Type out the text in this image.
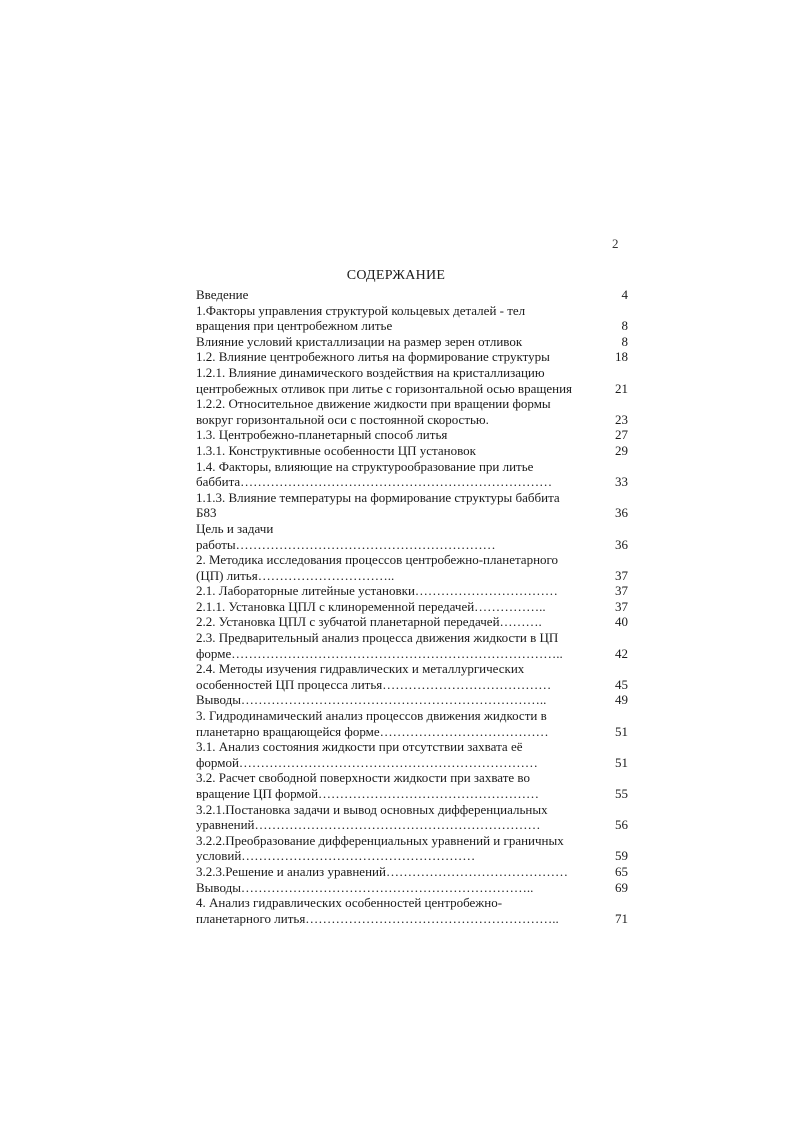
2
СОДЕРЖАНИЕ
Введение	4
1.Факторы управления структурой кольцевых деталей - тел вращения при центробежном литье	8
Влияние условий кристаллизации на размер зерен отливок	8
1.2. Влияние центробежного литья на формирование структуры	18
1.2.1. Влияние динамического воздействия на кристаллизацию центробежных отливок при литье с горизонтальной осью вращения	21
1.2.2. Относительное движение жидкости при вращении формы вокруг горизонтальной оси с постоянной скоростью.	23
1.3. Центробежно-планетарный способ литья	27
1.3.1. Конструктивные особенности ЦП установок	29
1.4. Факторы, влияющие на структурообразование при литье баббита………………………………………………………………	33
1.1.3. Влияние температуры на формирование структуры баббита Б83	36
Цель и задачи работы……………………………………………………	36
2. Методика исследования процессов центробежно-планетарного (ЦП) литья…………………………..	37
2.1. Лабораторные литейные установки……………………………	37
2.1.1. Установка ЦПЛ с клиноременной передачей……………..	37
2.2. Установка ЦПЛ с зубчатой планетарной передачей……….	40
2.3. Предварительный анализ процесса движения жидкости в ЦП форме…………………………………………………………………..	42
2.4. Методы изучения гидравлических и металлургических особенностей ЦП процесса литья…………………………………	45
Выводы……………………………………………………………..	49
3. Гидродинамический анализ процессов движения жидкости в планетарно вращающейся форме…………………………………	51
3.1. Анализ состояния жидкости при отсутствии захвата её формой……………………………………………………………	51
3.2. Расчет свободной поверхности жидкости при захвате во вращение ЦП формой……………………………………………	55
3.2.1.Постановка задачи и вывод основных дифференциальных уравнений…………………………………………………………	56
3.2.2.Преобразование дифференциальных уравнений и граничных условий………………………………………………	59
3.2.3.Решение и анализ уравнений……………………………………	65
Выводы…………………………………………………………..	69
4. Анализ гидравлических особенностей центробежно-планетарного литья…………………………………………………..	71
